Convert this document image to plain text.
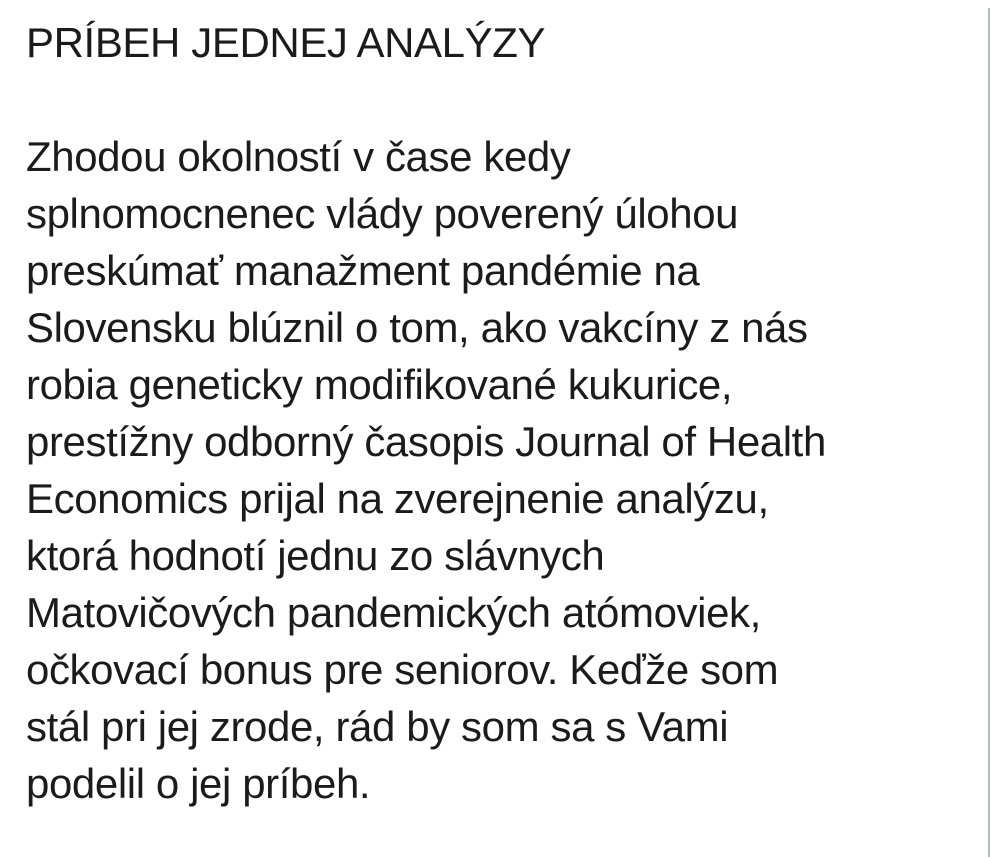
PRÍBEH JEDNEJ ANALÝZY
Zhodou okolností v čase kedy
splnomocnenec vlády poverený úlohou
preskúmať manažment pandémie na
Slovensku blúznil o tom, ako vakcíny z nás
robia geneticky modifikované kukurice,
prestížny odborný časopis Journal of Health
Economics prijal na zverejnenie analýzu,
ktorá hodnotí jednu zo slávnych
Matovičových pandemických atómoviek,
očkovací bonus pre seniorov. Keďže som
stál pri jej zrode, rád by som sa s Vami
podelil o jej príbeh.
